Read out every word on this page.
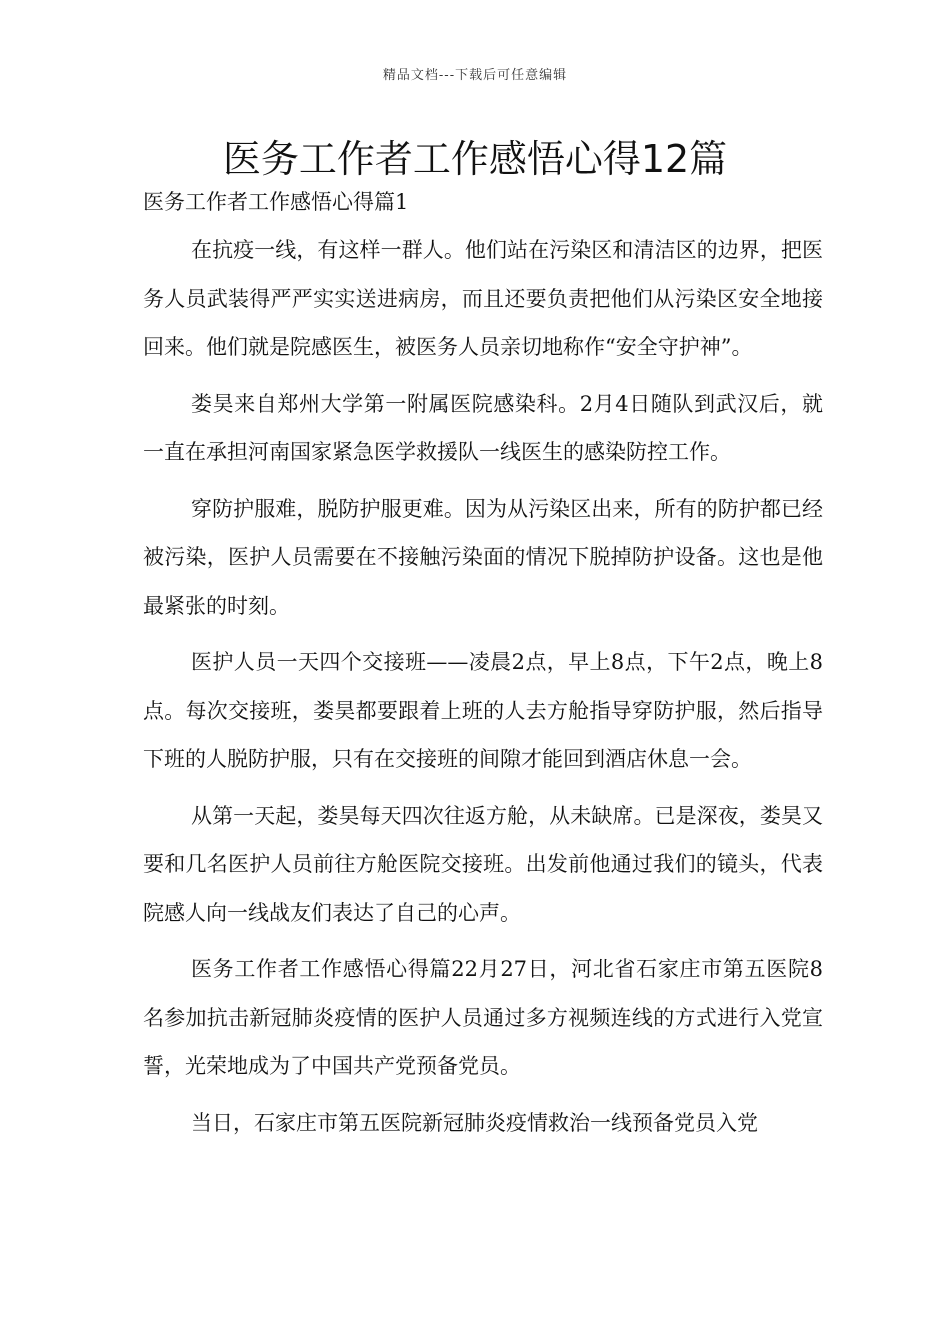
精品文档---下载后可任意编辑
医务工作者工作感悟心得12篇
医务工作者工作感悟心得篇1

在抗疫一线，有这样一群人。他们站在污染区和清洁区的边界，把医务人员武装得严严实实送进病房，而且还要负责把他们从污染区安全地接回来。他们就是院感医生，被医务人员亲切地称作“安全守护神”。

娄昊来自郑州大学第一附属医院感染科。2月4日随队到武汉后，就一直在承担河南国家紧急医学救援队一线医生的感染防控工作。

穿防护服难，脱防护服更难。因为从污染区出来，所有的防护都已经被污染，医护人员需要在不接触污染面的情况下脱掉防护设备。这也是他最紧张的时刻。

医护人员一天四个交接班——凌晨2点，早上8点，下午2点，晚上8点。每次交接班，娄昊都要跟着上班的人去方舱指导穿防护服，然后指导下班的人脱防护服，只有在交接班的间隙才能回到酒店休息一会。

从第一天起，娄昊每天四次往返方舱，从未缺席。已是深夜，娄昊又要和几名医护人员前往方舱医院交接班。出发前他通过我们的镜头，代表院感人向一线战友们表达了自己的心声。

医务工作者工作感悟心得篇22月27日，河北省石家庄市第五医院8名参加抗击新冠肺炎疫情的医护人员通过多方视频连线的方式进行入党宣誓，光荣地成为了中国共产党预备党员。

当日，石家庄市第五医院新冠肺炎疫情救治一线预备党员入党
